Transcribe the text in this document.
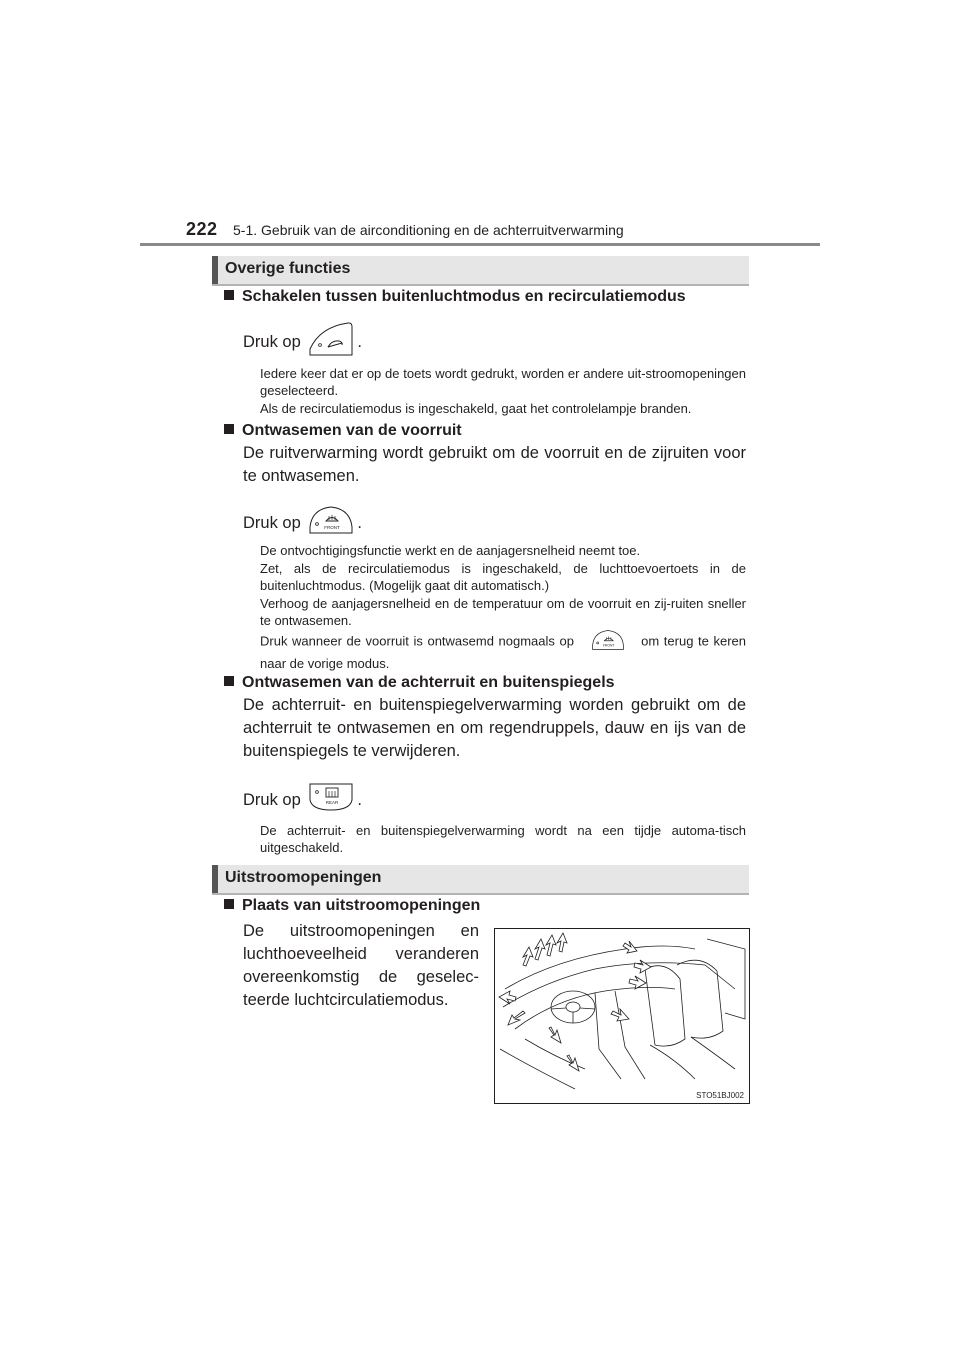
222 5-1. Gebruik van de airconditioning en de achterruitverwarming
Overige functies
Schakelen tussen buitenluchtmodus en recirculatiemodus
Druk op	.
Iedere keer dat er op de toets wordt gedrukt, worden er andere uit-stroomopeningen geselecteerd.
Als de recirculatiemodus is ingeschakeld, gaat het controlelampje branden.
Ontwasemen van de voorruit
De ruitverwarming wordt gebruikt om de voorruit en de zijruiten voor te ontwasemen.
Druk op	FRONT .
De ontvochtigingsfunctie werkt en de aanjagersnelheid neemt toe.
Zet, als de recirculatiemodus is ingeschakeld, de luchttoevoertoets in de buitenluchtmodus. (Mogelijk gaat dit automatisch.)
Verhoog de aanjagersnelheid en de temperatuur om de voorruit en zij-ruiten sneller te ontwasemen.
Druk wanneer de voorruit is ontwasemd nogmaals op	FRONT om terug te keren naar de vorige modus.
Ontwasemen van de achterruit en buitenspiegels
De achterruit- en buitenspiegelverwarming worden gebruikt om de achterruit te ontwasemen en om regendruppels, dauw en ijs van de buitenspiegels te verwijderen.
Druk op	REAR .
De achterruit- en buitenspiegelverwarming wordt na een tijdje automa-tisch uitgeschakeld.
Uitstroomopeningen
Plaats van uitstroomopeningen
De uitstroomopeningen en luchthoeveelheid veranderen overeenkomstig de geselec-teerde luchtcirculatiemodus.
STO51BJ002
